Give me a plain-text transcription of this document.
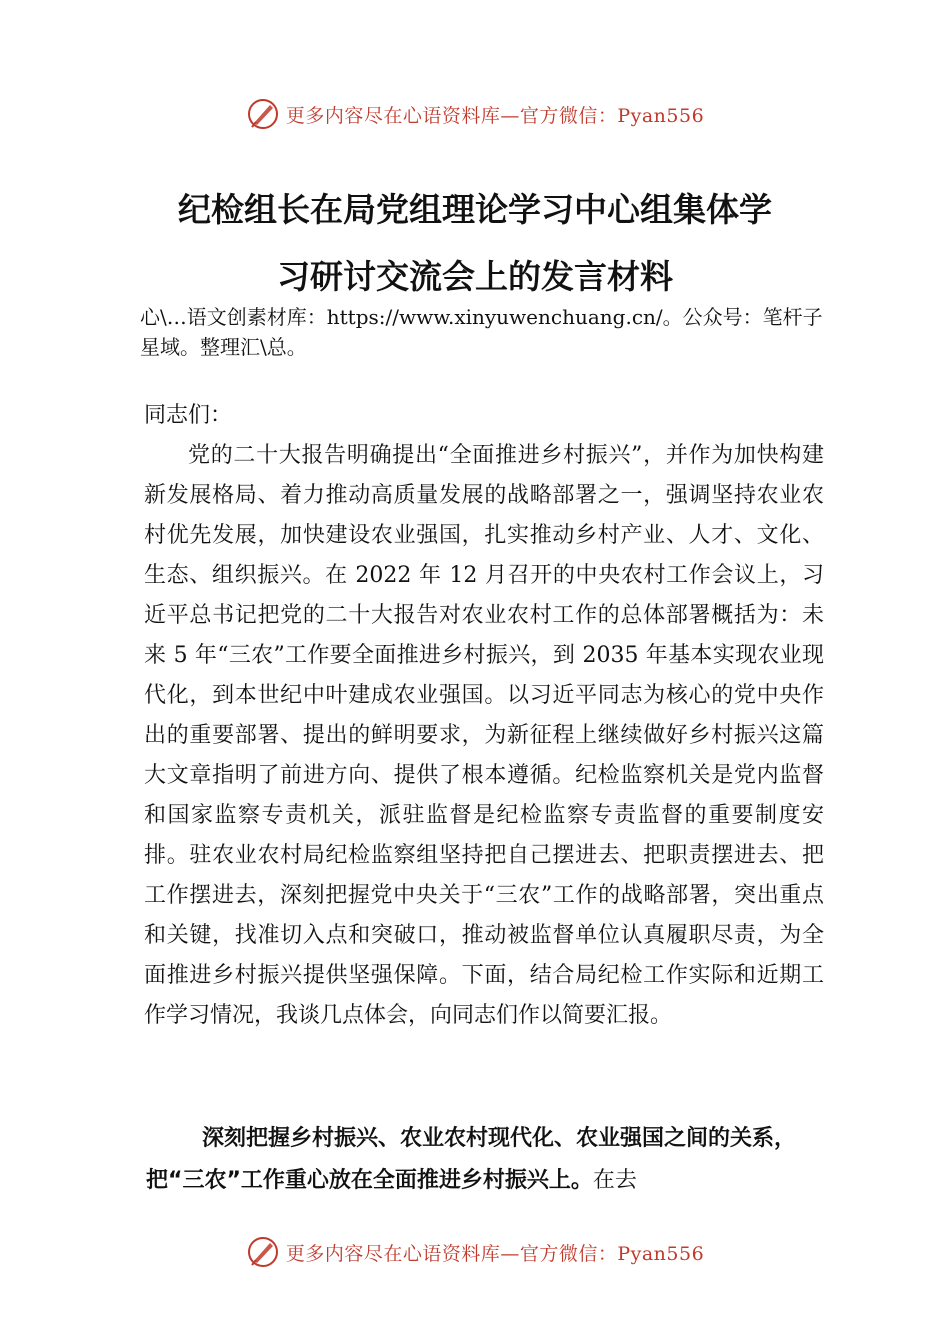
更多内容尽在心语资料库—官方微信：Pyan556
纪检组长在局党组理论学习中心组集体学
习研讨交流会上的发言材料
心\…语文创素材库：https://www.xinyuwenchuang.cn/。公众号：笔杆子星域。整理汇\总。

同志们：

党的二十大报告明确提出“全面推进乡村振兴”，并作为加快构建新发展格局、着力推动高质量发展的战略部署之一，强调坚持农业农村优先发展，加快建设农业强国，扎实推动乡村产业、人才、文化、生态、组织振兴。在 2022 年 12 月召开的中央农村工作会议上，习近平总书记把党的二十大报告对农业农村工作的总体部署概括为：未来 5 年“三农”工作要全面推进乡村振兴，到 2035 年基本实现农业现代化，到本世纪中叶建成农业强国。以习近平同志为核心的党中央作出的重要部署、提出的鲜明要求，为新征程上继续做好乡村振兴这篇大文章指明了前进方向、提供了根本遵循。纪检监察机关是党内监督和国家监察专责机关，派驻监督是纪检监察专责监督的重要制度安排。驻农业农村局纪检监察组坚持把自己摆进去、把职责摆进去、把工作摆进去，深刻把握党中央关于“三农”工作的战略部署，突出重点和关键，找准切入点和突破口，推动被监督单位认真履职尽责，为全面推进乡村振兴提供坚强保障。下面，结合局纪检工作实际和近期工作学习情况，我谈几点体会，向同志们作以简要汇报。

深刻把握乡村振兴、农业农村现代化、农业强国之间的关系，把“三农”工作重心放在全面推进乡村振兴上。在去
更多内容尽在心语资料库—官方微信：Pyan556
